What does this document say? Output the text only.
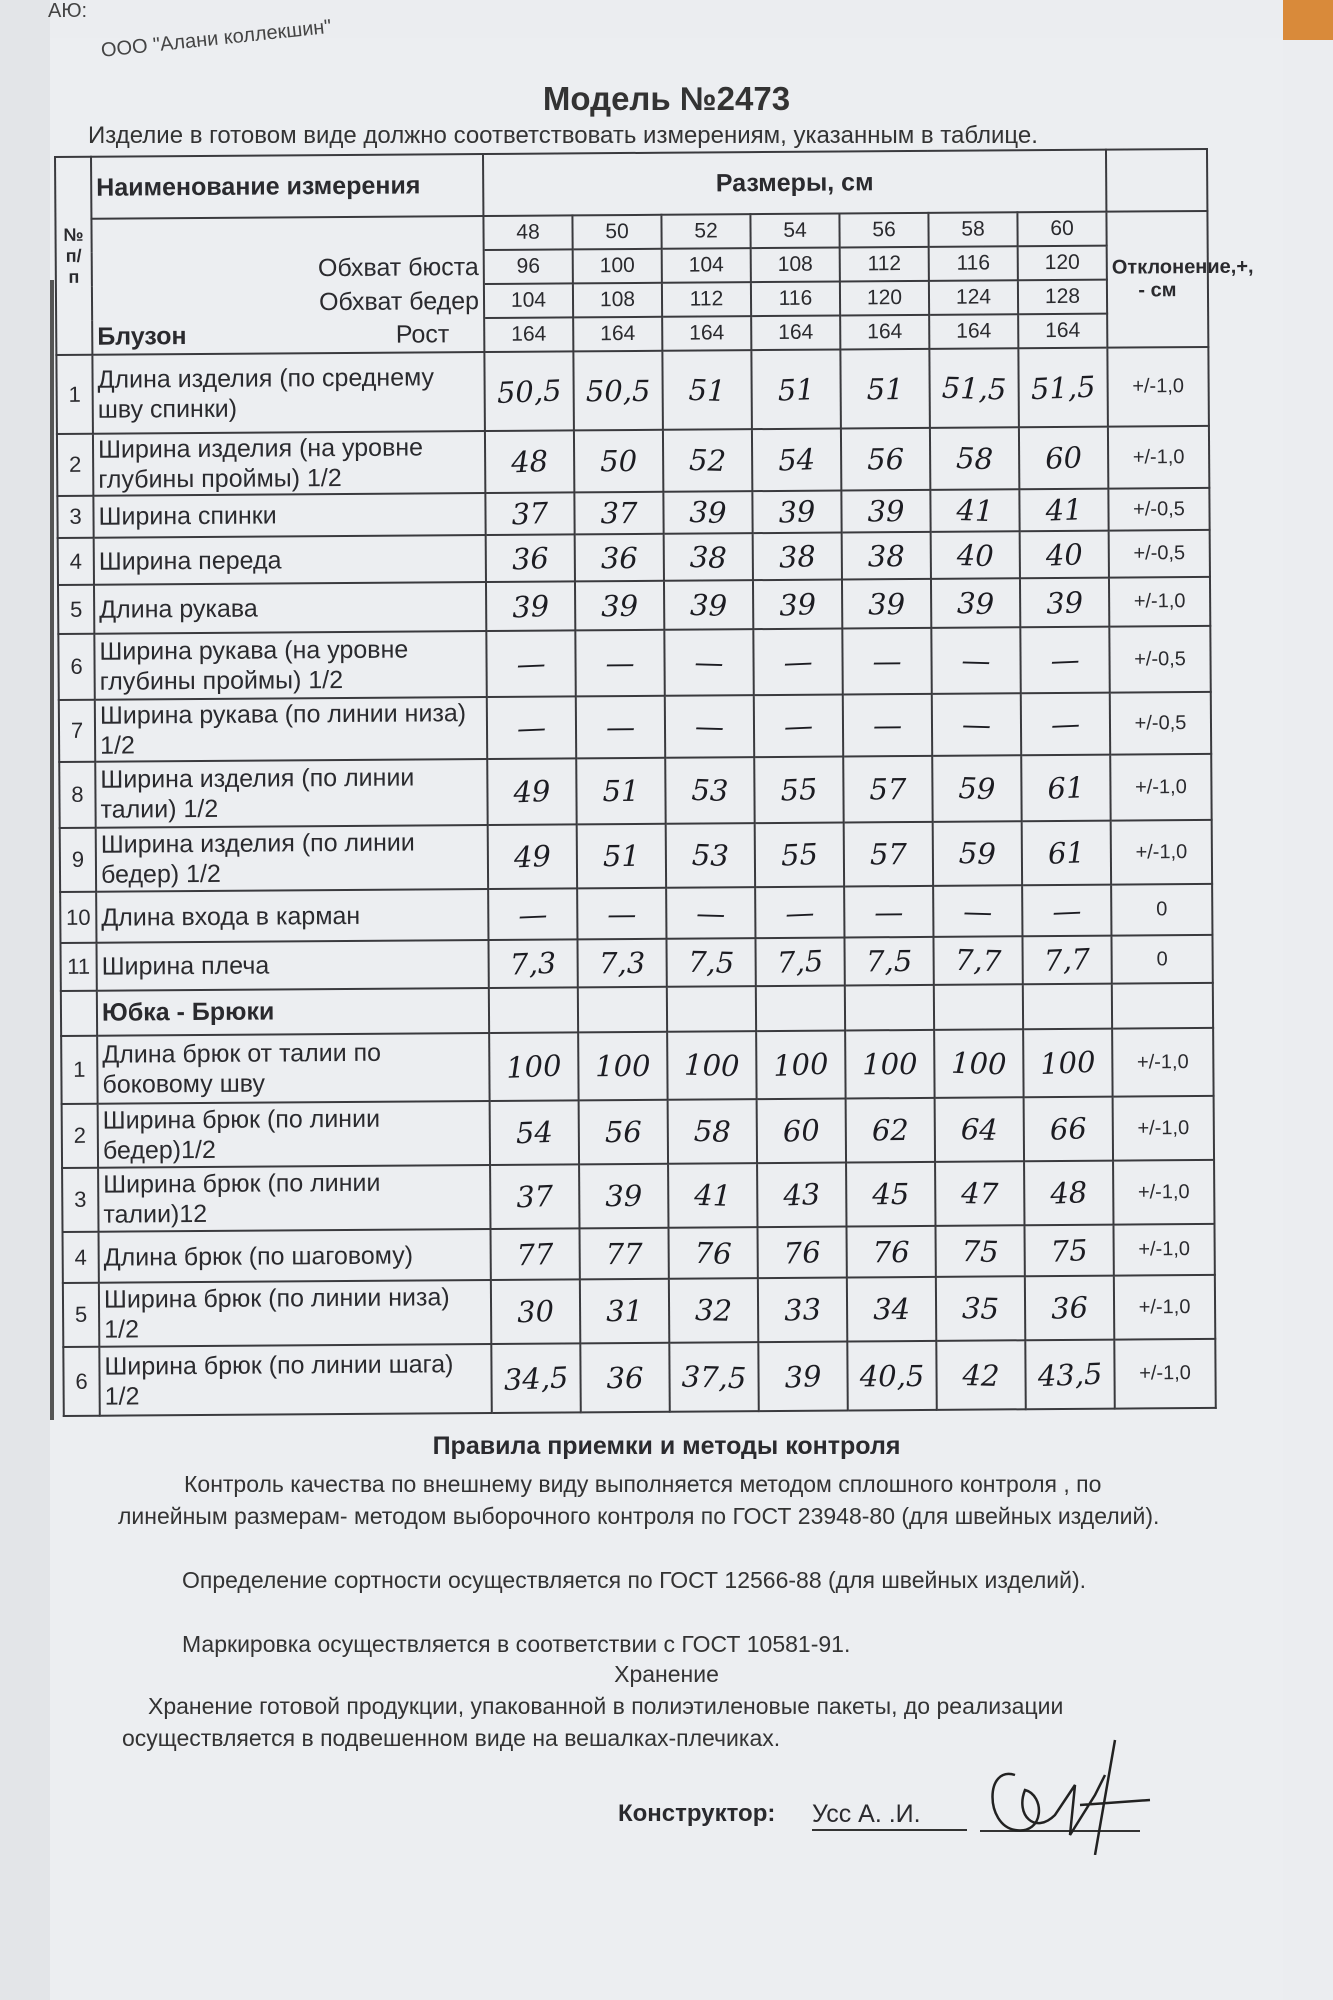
АЮ:
ООО "Алани коллекшин"
Модель №2473
Изделие в готовом виде должно соответствовать измерениям, указанным в таблице.
№ п/п	Наименование измерения	Размеры, см							
		48	50	52	54	56	58	60	Отклонение,+, - см
	Обхват бюста	96	100	104	108	112	116	120	
	Обхват бедер	104	108	112	116	120	124	128	
	Блузон Рост	164	164	164	164	164	164	164	
1	Длина изделия (по среднему шву спинки)	50,5	50,5	51	51	51	51,5	51,5	+/-1,0
2	Ширина изделия (на уровне глубины проймы) 1/2	48	50	52	54	56	58	60	+/-1,0
3	Ширина спинки	37	37	39	39	39	41	41	+/-0,5
4	Ширина переда	36	36	38	38	38	40	40	+/-0,5
5	Длина рукава	39	39	39	39	39	39	39	+/-1,0
6	Ширина рукава (на уровне глубины проймы) 1/2	—	—	—	—	—	—	—	+/-0,5
7	Ширина рукава (по линии низа) 1/2	—	—	—	—	—	—	—	+/-0,5
8	Ширина изделия (по линии талии) 1/2	49	51	53	55	57	59	61	+/-1,0
9	Ширина изделия (по линии бедер) 1/2	49	51	53	55	57	59	61	+/-1,0
10	Длина входа в карман	—	—	—	—	—	—	—	0
11	Ширина плеча	7,3	7,3	7,5	7,5	7,5	7,7	7,7	0
	Юбка - Брюки								
1	Длина брюк от талии по боковому шву	100	100	100	100	100	100	100	+/-1,0
2	Ширина брюк (по линии бедер)1/2	54	56	58	60	62	64	66	+/-1,0
3	Ширина брюк (по линии талии)12	37	39	41	43	45	47	48	+/-1,0
4	Длина брюк (по шаговому)	77	77	76	76	76	75	75	+/-1,0
5	Ширина брюк (по линии низа) 1/2	30	31	32	33	34	35	36	+/-1,0
6	Ширина брюк (по линии шага) 1/2	34,5	36	37,5	39	40,5	42	43,5	+/-1,0
Правила приемки и методы контроля
Контроль качества по внешнему виду выполняется методом сплошного контроля , по линейным размерам- методом выборочного контроля по ГОСТ 23948-80 (для швейных изделий).
Определение сортности осуществляется по ГОСТ 12566-88 (для швейных изделий).
Маркировка осуществляется в соответствии с ГОСТ 10581-91.
Хранение
Хранение готовой продукции, упакованной в полиэтиленовые пакеты, до реализации осуществляется в подвешенном виде на вешалках-плечиках.
Конструктор: Усс А. .И.
